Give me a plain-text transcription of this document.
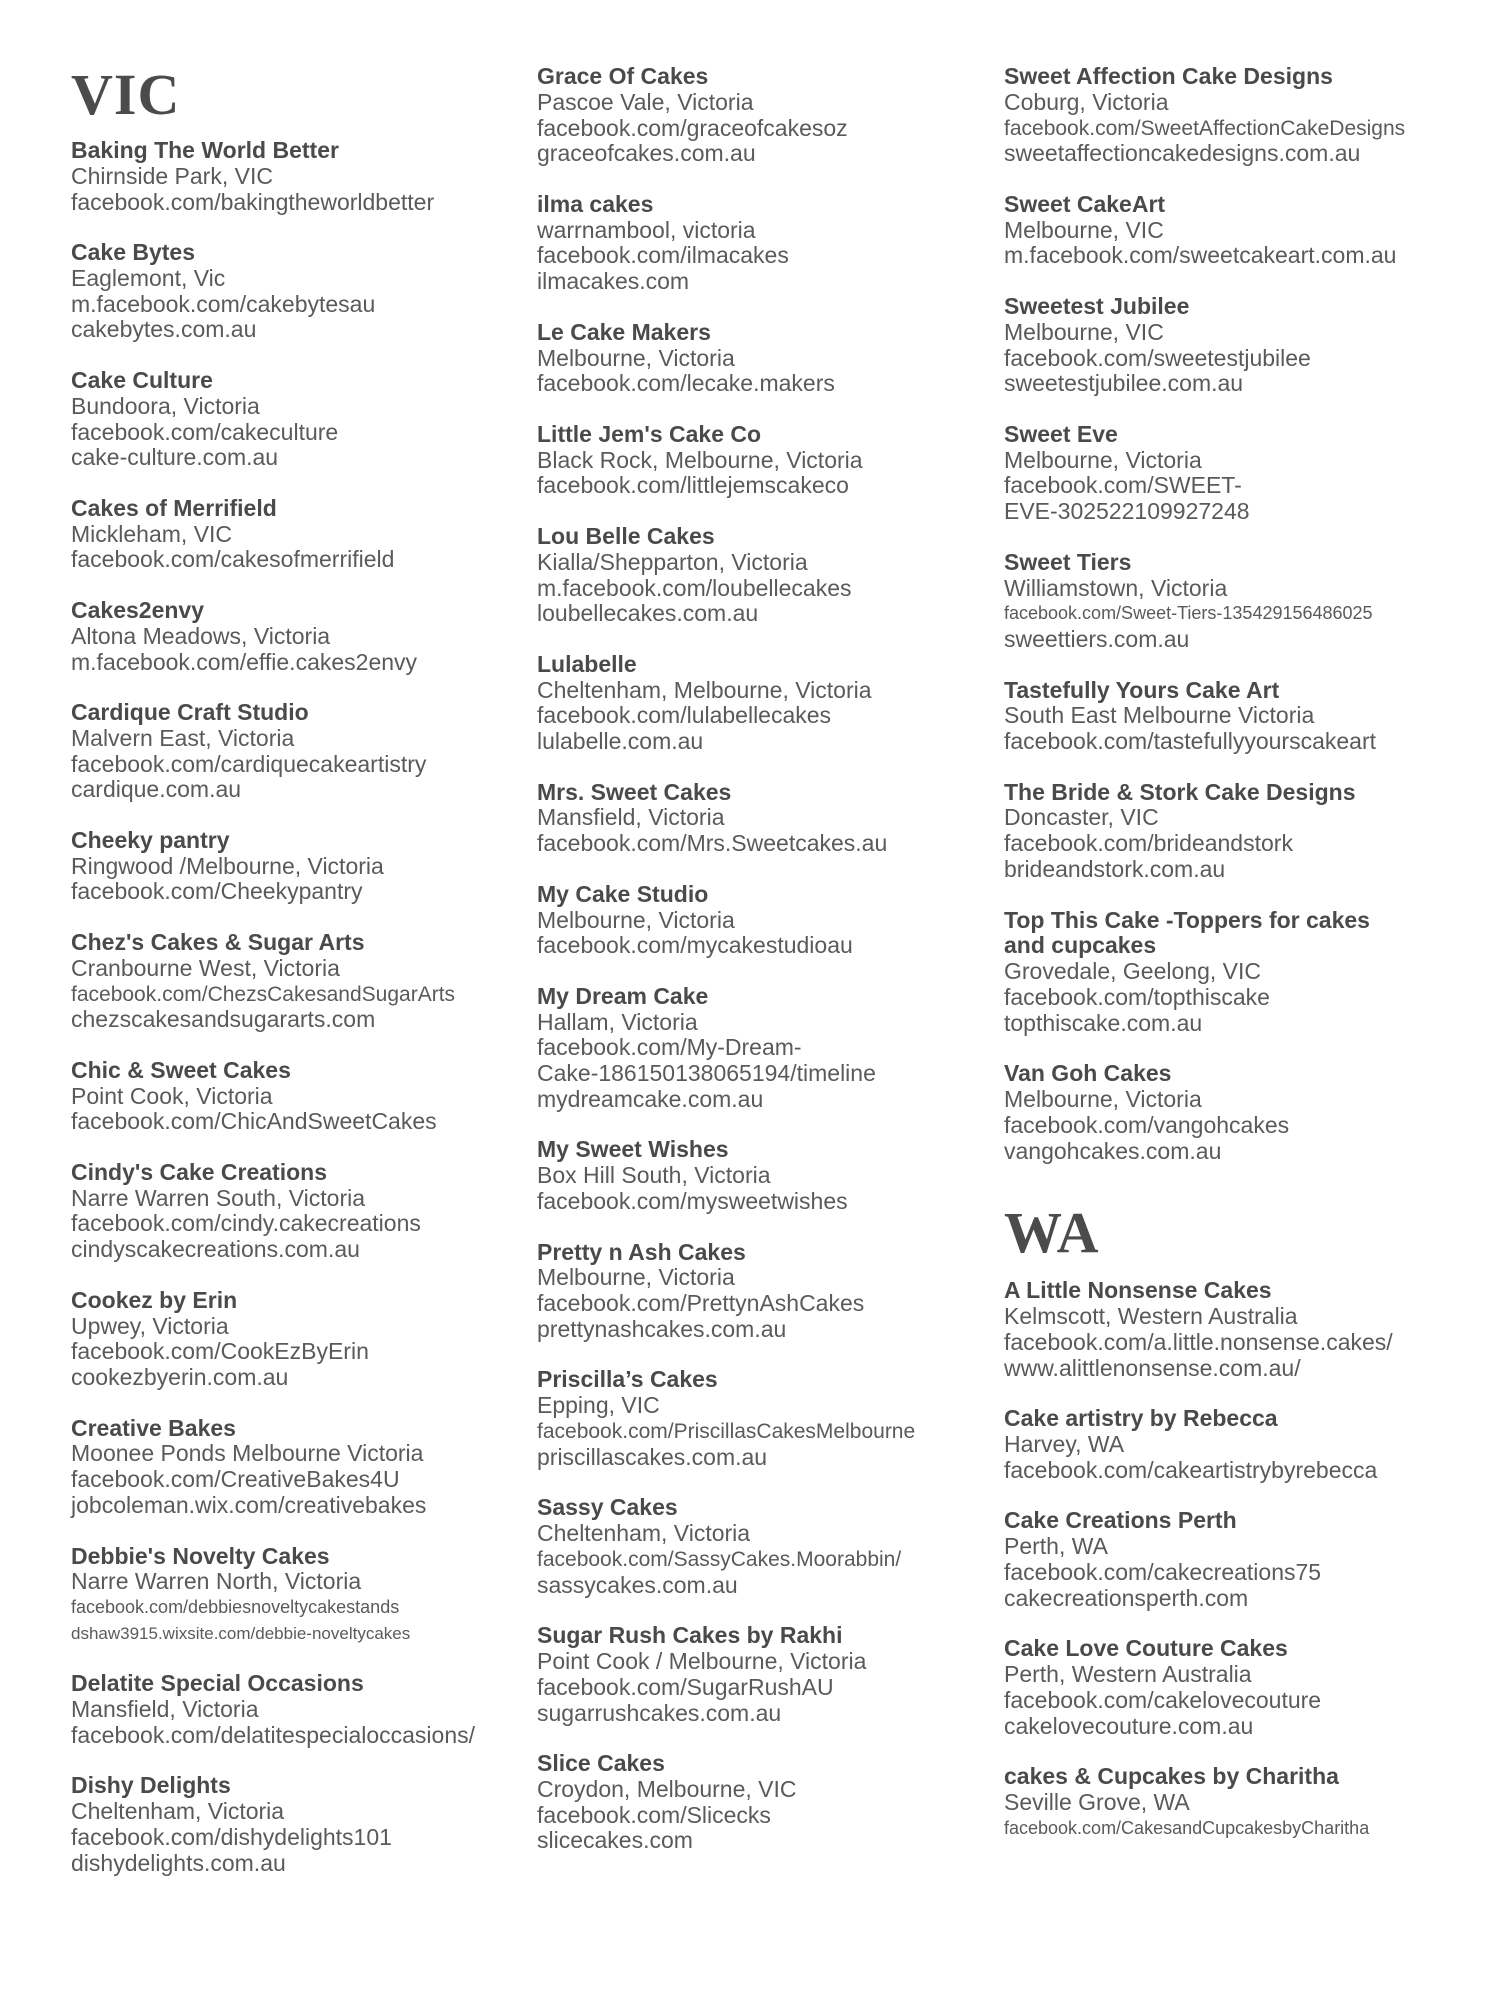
VIC
Baking The World Better
Chirnside Park, VIC
facebook.com/bakingtheworldbetter
Cake Bytes
Eaglemont, Vic
m.facebook.com/cakebytesau
cakebytes.com.au
Cake Culture
Bundoora, Victoria
facebook.com/cakeculture
cake-culture.com.au
Cakes of Merrifield
Mickleham, VIC
facebook.com/cakesofmerrifield
Cakes2envy
Altona Meadows, Victoria
m.facebook.com/effie.cakes2envy
Cardique Craft Studio
Malvern East, Victoria
facebook.com/cardiquecakeartistry
cardique.com.au
Cheeky pantry
Ringwood /Melbourne, Victoria
facebook.com/Cheekypantry
Chez's Cakes & Sugar Arts
Cranbourne West, Victoria
facebook.com/ChezsCakesandSugarArts
chezscakesandsugararts.com
Chic & Sweet Cakes
Point Cook, Victoria
facebook.com/ChicAndSweetCakes
Cindy's Cake Creations
Narre Warren South, Victoria
facebook.com/cindy.cakecreations
cindyscakecreations.com.au
Cookez by Erin
Upwey, Victoria
facebook.com/CookEzByErin
cookezbyerin.com.au
Creative Bakes
Moonee Ponds Melbourne Victoria
facebook.com/CreativeBakes4U
jobcoleman.wix.com/creativebakes
Debbie's Novelty Cakes
Narre Warren North, Victoria
facebook.com/debbiesnoveltycakestands
dshaw3915.wixsite.com/debbie-noveltycakes
Delatite Special Occasions
Mansfield, Victoria
facebook.com/delatitespecialoccasions/
Dishy Delights
Cheltenham, Victoria
facebook.com/dishydelights101
dishydelights.com.au
Grace Of Cakes
Pascoe Vale, Victoria
facebook.com/graceofcakesoz
graceofcakes.com.au
ilma cakes
warrnambool, victoria
facebook.com/ilmacakes
ilmacakes.com
Le Cake Makers
Melbourne, Victoria
facebook.com/lecake.makers
Little Jem's Cake Co
Black Rock, Melbourne, Victoria
facebook.com/littlejemscakeco
Lou Belle Cakes
Kialla/Shepparton, Victoria
m.facebook.com/loubellecakes
loubellecakes.com.au
Lulabelle
Cheltenham, Melbourne, Victoria
facebook.com/lulabellecakes
lulabelle.com.au
Mrs. Sweet Cakes
Mansfield, Victoria
facebook.com/Mrs.Sweetcakes.au
My Cake Studio
Melbourne, Victoria
facebook.com/mycakestudioau
My Dream Cake
Hallam, Victoria
facebook.com/My-Dream-
Cake-186150138065194/timeline
mydreamcake.com.au
My Sweet Wishes
Box Hill South, Victoria
facebook.com/mysweetwishes
Pretty n Ash Cakes
Melbourne, Victoria
facebook.com/PrettynAshCakes
prettynashcakes.com.au
Priscilla’s Cakes
Epping, VIC
facebook.com/PriscillasCakesMelbourne
priscillascakes.com.au
Sassy Cakes
Cheltenham, Victoria
facebook.com/SassyCakes.Moorabbin/
sassycakes.com.au
Sugar Rush Cakes by Rakhi
Point Cook / Melbourne, Victoria
facebook.com/SugarRushAU
sugarrushcakes.com.au
Slice Cakes
Croydon, Melbourne, VIC
facebook.com/Slicecks
slicecakes.com
Sweet Affection Cake Designs
Coburg, Victoria
facebook.com/SweetAffectionCakeDesigns
sweetaffectioncakedesigns.com.au
Sweet CakeArt
Melbourne, VIC
m.facebook.com/sweetcakeart.com.au
Sweetest Jubilee
Melbourne, VIC
facebook.com/sweetestjubilee
sweetestjubilee.com.au
Sweet Eve
Melbourne, Victoria
facebook.com/SWEET-
EVE-302522109927248
Sweet Tiers
Williamstown, Victoria
facebook.com/Sweet-Tiers-135429156486025
sweettiers.com.au
Tastefully Yours Cake Art
South East Melbourne Victoria
facebook.com/tastefullyyourscakeart
The Bride & Stork Cake Designs
Doncaster, VIC
facebook.com/brideandstork
brideandstork.com.au
Top This Cake -Toppers for cakes
and cupcakes
Grovedale, Geelong, VIC
facebook.com/topthiscake
topthiscake.com.au
Van Goh Cakes
Melbourne, Victoria
facebook.com/vangohcakes
vangohcakes.com.au
WA
A Little Nonsense Cakes
Kelmscott, Western Australia
facebook.com/a.little.nonsense.cakes/
www.alittlenonsense.com.au/
Cake artistry by Rebecca
Harvey, WA
facebook.com/cakeartistrybyrebecca
Cake Creations Perth
Perth, WA
facebook.com/cakecreations75
cakecreationsperth.com
Cake Love Couture Cakes
Perth, Western Australia
facebook.com/cakelovecouture
cakelovecouture.com.au
cakes & Cupcakes by Charitha
Seville Grove, WA
facebook.com/CakesandCupcakesbyCharitha
